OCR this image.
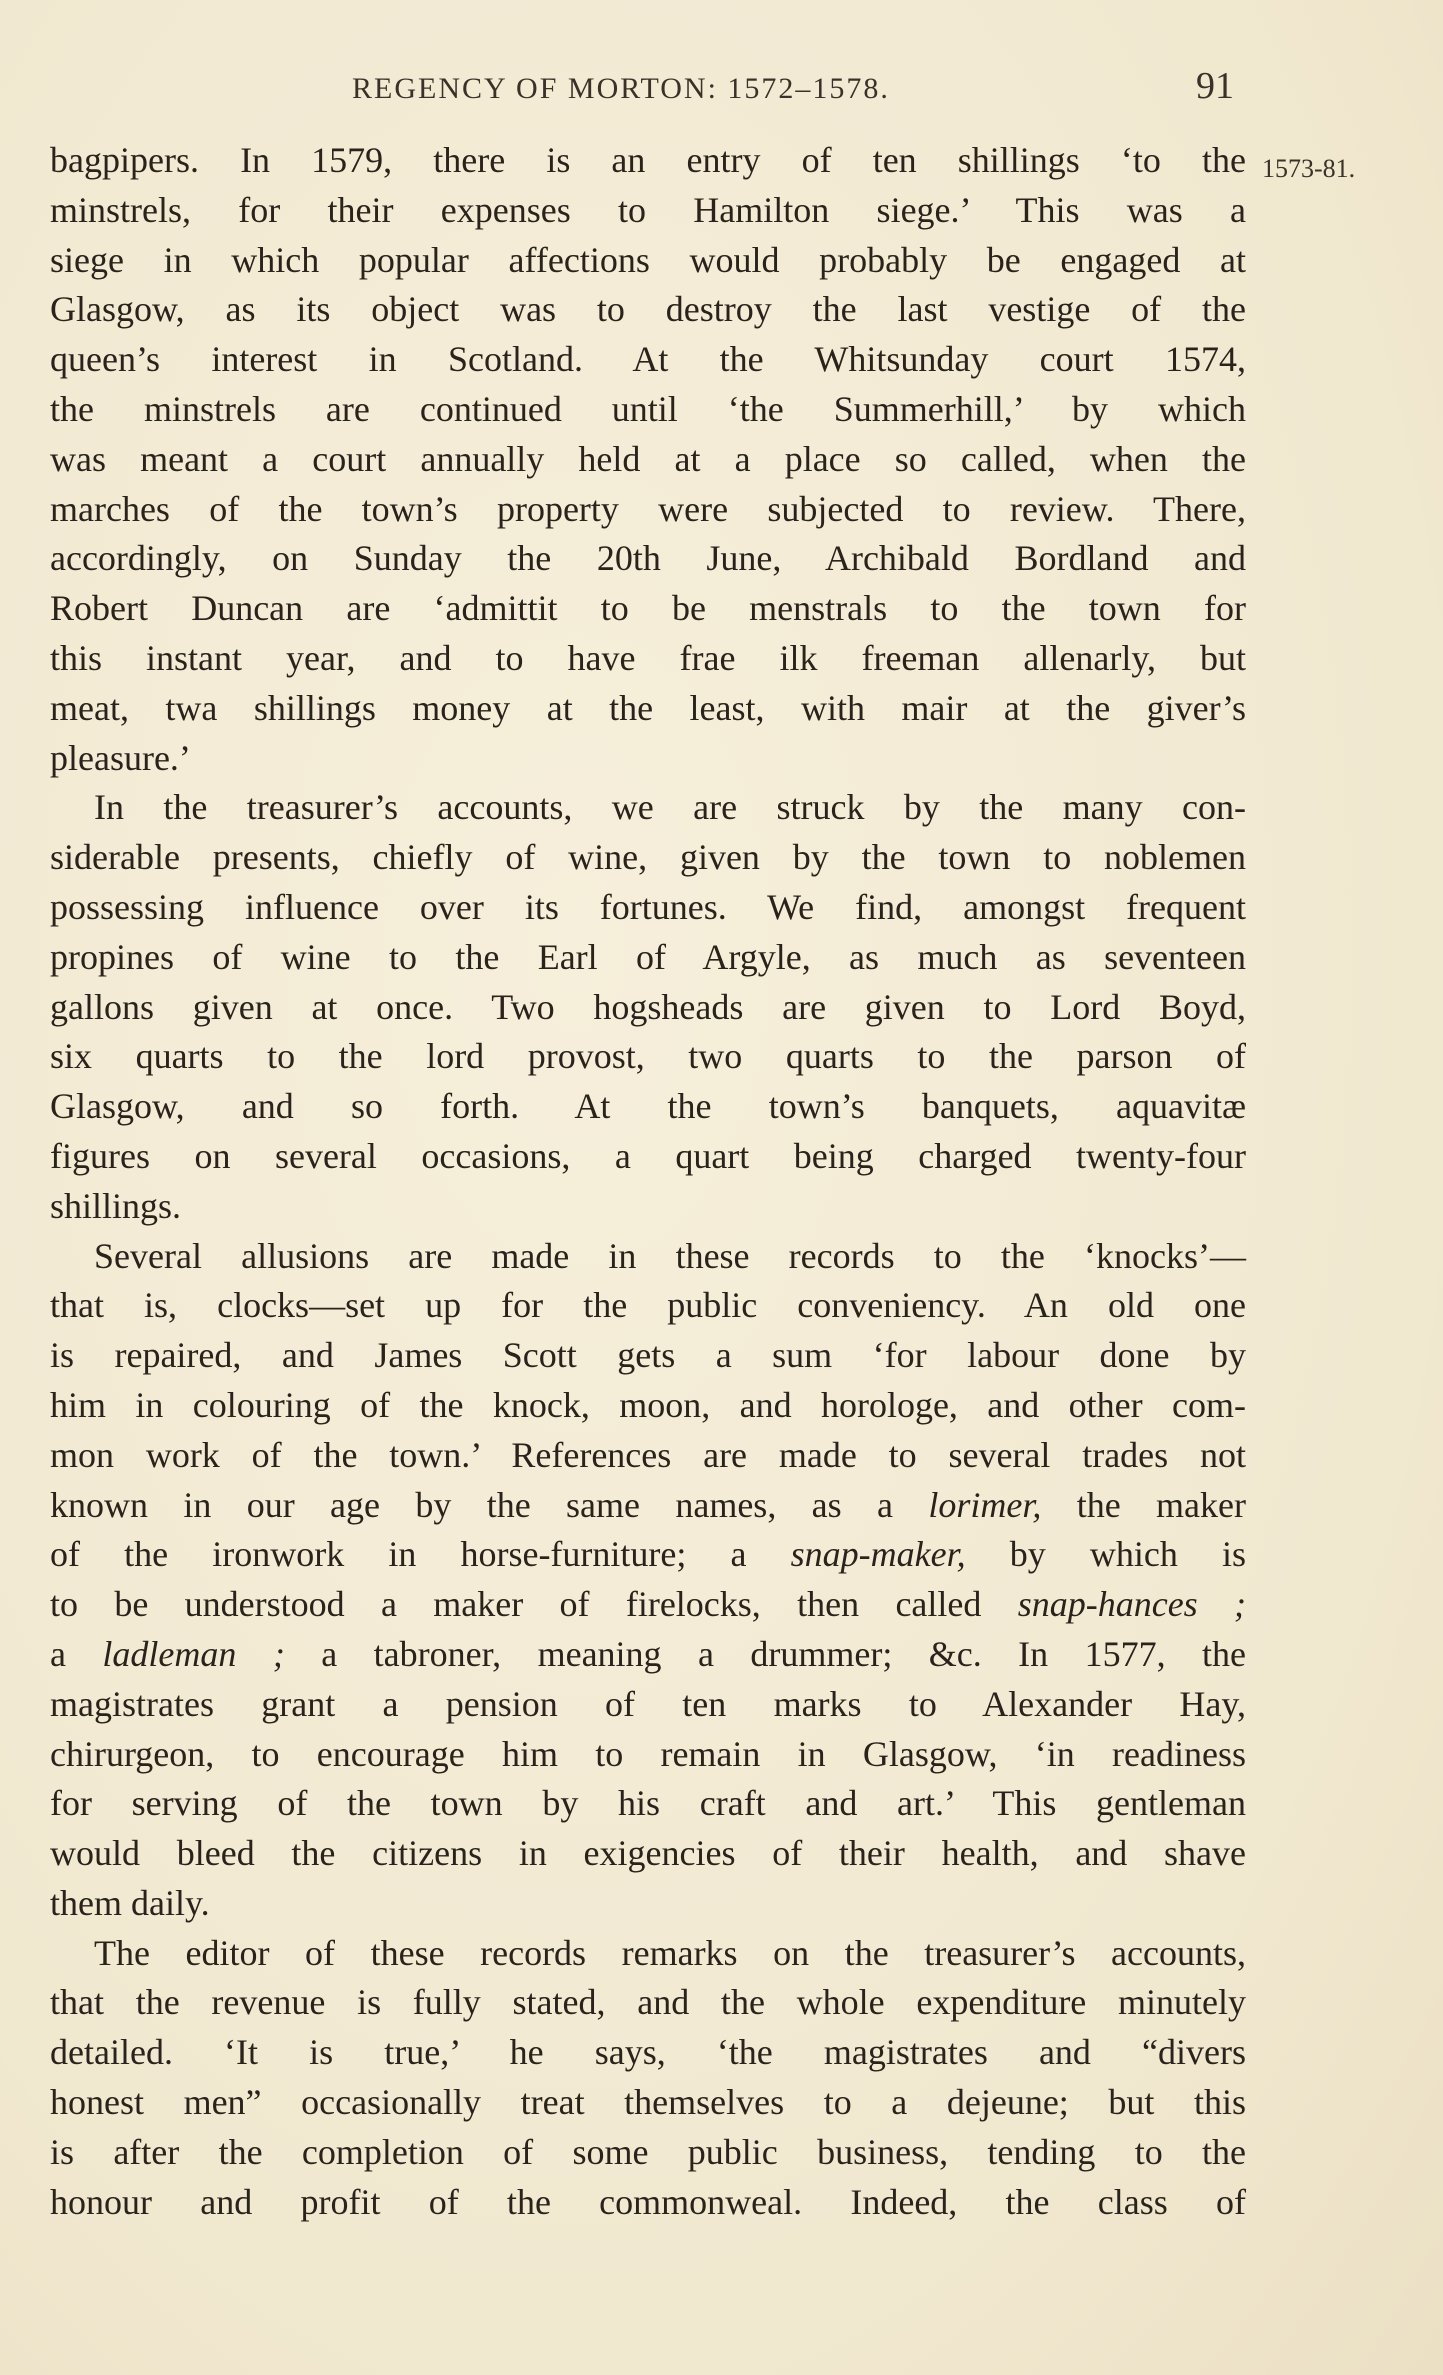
REGENCY OF MORTON: 1572–1578.	91
1573-81.
bagpipers. In 1579, there is an entry of ten shillings ‘to the
minstrels, for their expenses to Hamilton siege.’ This was a
siege in which popular affections would probably be engaged at
Glasgow, as its object was to destroy the last vestige of the
queen’s interest in Scotland. At the Whitsunday court 1574,
the minstrels are continued until ‘the Summerhill,’ by which
was meant a court annually held at a place so called, when the
marches of the town’s property were subjected to review. There,
accordingly, on Sunday the 20th June, Archibald Bordland and
Robert Duncan are ‘admittit to be menstrals to the town for
this instant year, and to have frae ilk freeman allenarly, but
meat, twa shillings money at the least, with mair at the giver’s
pleasure.’
In the treasurer’s accounts, we are struck by the many con-
siderable presents, chiefly of wine, given by the town to noblemen
possessing influence over its fortunes. We find, amongst frequent
propines of wine to the Earl of Argyle, as much as seventeen
gallons given at once. Two hogsheads are given to Lord Boyd,
six quarts to the lord provost, two quarts to the parson of
Glasgow, and so forth. At the town’s banquets, aquavitæ
figures on several occasions, a quart being charged twenty-four
shillings.
Several allusions are made in these records to the ‘knocks’—
that is, clocks—set up for the public conveniency. An old one
is repaired, and James Scott gets a sum ‘for labour done by
him in colouring of the knock, moon, and horologe, and other com-
mon work of the town.’ References are made to several trades not
known in our age by the same names, as a lorimer, the maker
of the ironwork in horse-furniture; a snap-maker, by which is
to be understood a maker of firelocks, then called snap-hances ;
a ladleman ; a tabroner, meaning a drummer; &c. In 1577, the
magistrates grant a pension of ten marks to Alexander Hay,
chirurgeon, to encourage him to remain in Glasgow, ‘in readiness
for serving of the town by his craft and art.’ This gentleman
would bleed the citizens in exigencies of their health, and shave
them daily.
The editor of these records remarks on the treasurer’s accounts,
that the revenue is fully stated, and the whole expenditure minutely
detailed. ‘It is true,’ he says, ‘the magistrates and “divers
honest men” occasionally treat themselves to a dejeune; but this
is after the completion of some public business, tending to the
honour and profit of the commonweal. Indeed, the class of
